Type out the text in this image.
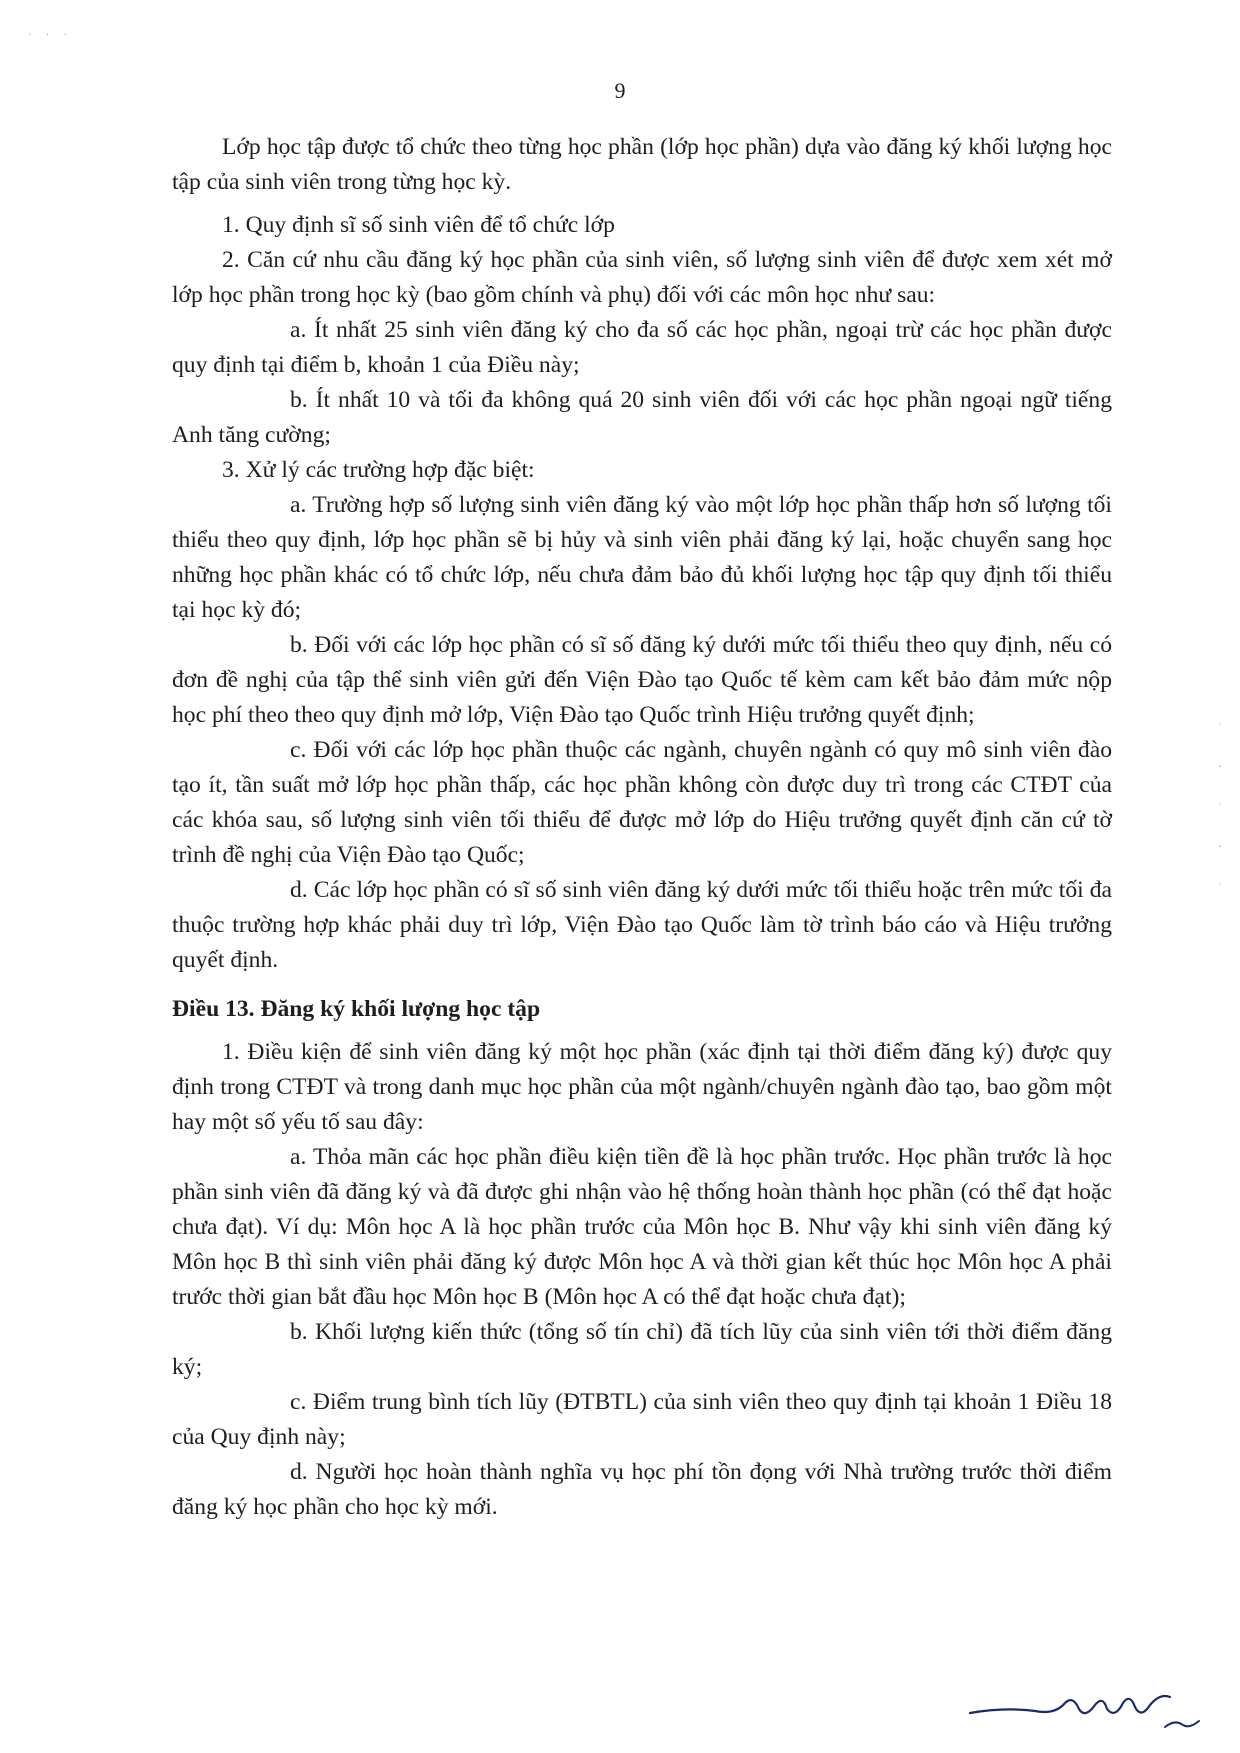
· · ·
9

Lớp học tập được tổ chức theo từng học phần (lớp học phần) dựa vào đăng ký khối lượng học tập của sinh viên trong từng học kỳ.

1. Quy định sĩ số sinh viên để tổ chức lớp

2. Căn cứ nhu cầu đăng ký học phần của sinh viên, số lượng sinh viên để được xem xét mở lớp học phần trong học kỳ (bao gồm chính và phụ) đối với các môn học như sau:

a. Ít nhất 25 sinh viên đăng ký cho đa số các học phần, ngoại trừ các học phần được quy định tại điểm b, khoản 1 của Điều này;

b. Ít nhất 10 và tối đa không quá 20 sinh viên đối với các học phần ngoại ngữ tiếng Anh tăng cường;

3. Xử lý các trường hợp đặc biệt:

a. Trường hợp số lượng sinh viên đăng ký vào một lớp học phần thấp hơn số lượng tối thiểu theo quy định, lớp học phần sẽ bị hủy và sinh viên phải đăng ký lại, hoặc chuyển sang học những học phần khác có tổ chức lớp, nếu chưa đảm bảo đủ khối lượng học tập quy định tối thiểu tại học kỳ đó;

b. Đối với các lớp học phần có sĩ số đăng ký dưới mức tối thiểu theo quy định, nếu có đơn đề nghị của tập thể sinh viên gửi đến Viện Đào tạo Quốc tế kèm cam kết bảo đảm mức nộp học phí theo theo quy định mở lớp, Viện Đào tạo Quốc trình Hiệu trưởng quyết định;

c. Đối với các lớp học phần thuộc các ngành, chuyên ngành có quy mô sinh viên đào tạo ít, tần suất mở lớp học phần thấp, các học phần không còn được duy trì trong các CTĐT của các khóa sau, số lượng sinh viên tối thiểu để được mở lớp do Hiệu trưởng quyết định căn cứ tờ trình đề nghị của Viện Đào tạo Quốc;

d. Các lớp học phần có sĩ số sinh viên đăng ký dưới mức tối thiểu hoặc trên mức tối đa thuộc trường hợp khác phải duy trì lớp, Viện Đào tạo Quốc làm tờ trình báo cáo và Hiệu trưởng quyết định.

Điều 13. Đăng ký khối lượng học tập

1. Điều kiện để sinh viên đăng ký một học phần (xác định tại thời điểm đăng ký) được quy định trong CTĐT và trong danh mục học phần của một ngành/chuyên ngành đào tạo, bao gồm một hay một số yếu tố sau đây:

a. Thỏa mãn các học phần điều kiện tiền đề là học phần trước. Học phần trước là học phần sinh viên đã đăng ký và đã được ghi nhận vào hệ thống hoàn thành học phần (có thể đạt hoặc chưa đạt). Ví dụ: Môn học A là học phần trước của Môn học B. Như vậy khi sinh viên đăng ký Môn học B thì sinh viên phải đăng ký được Môn học A và thời gian kết thúc học Môn học A phải trước thời gian bắt đầu học Môn học B (Môn học A có thể đạt hoặc chưa đạt);

b. Khối lượng kiến thức (tổng số tín chỉ) đã tích lũy của sinh viên tới thời điểm đăng ký;

c. Điểm trung bình tích lũy (ĐTBTL) của sinh viên theo quy định tại khoản 1 Điều 18 của Quy định này;

d. Người học hoàn thành nghĩa vụ học phí tồn đọng với Nhà trường trước thời điểm đăng ký học phần cho học kỳ mới.

ˈ
·
ˈ
·
ˈ
